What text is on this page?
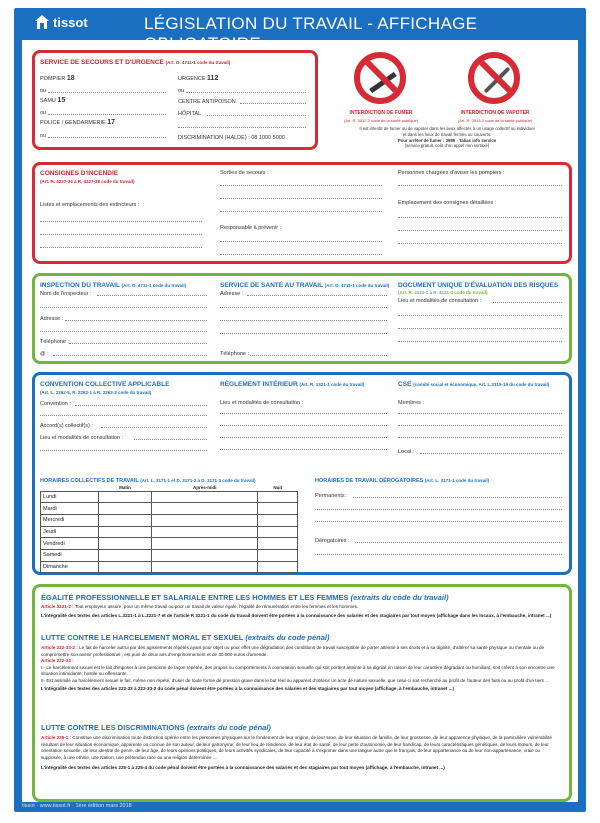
tissot	LÉGISLATION DU TRAVAIL - AFFICHAGE
SERVICE DE SECOURS ET D'URGENCE (Art. D. 4711-1 code du travail)
POMPIER 18
ou
SAMU 15
ou
POLICE / GENDARMERIE 17
ou
URGENCE 112
ou
CENTRE ANTIPOISON
HÔPITAL
DISCRIMINATION (HALDE) : 08 1000 5000
INTERDICTION DE FUMER
(Art. R. 3512-2 code de la santé publique)
INTERDICTION DE VAPOTER
(Art. R. 3513-2 code de la santé publique)
Il est interdit de fumer ou de vapoter dans les lieux affectés à un usage collectif ou individuel
et dans les lieux de travail fermés ou couverts.
Pour arrêter de fumer : 3989 - Tabac info service
(service gratuit, coût d'un appel non surtaxé)
CONSIGNES D'INCENDIE
(Art. R. 4227-34 à R. 4227-38 code du travail)
Listes et emplacements des extincteurs :
Sorties de secours :
Responsable à prévenir :
Personnes chargées d'aviser les pompiers :
Emplacement des consignes détaillées :
INSPECTION DU TRAVAIL (Art. D. 4711-1 code du travail)
Nom de l'inspecteur :
Adresse :
Téléphone :
@ :
SERVICE DE SANTÉ AU TRAVAIL (Art. D. 4711-1 code du travail)
Adresse :
Téléphone :
DOCUMENT UNIQUE D'ÉVALUATION DES RISQUES
(Art. R. 4121-1 à R. 4121-4 code du travail)
Lieu et modalités de consultation :
CONVENTION COLLECTIVE APPLICABLE
(Art. L. 2262-5, R. 2262-1 à R. 2262-3 code du travail)
Convention :
Accord(s) collectif(s) :
Lieu et modalités de consultation :
RÈGLEMENT INTÉRIEUR (Art. R. 1321-1 code du travail)
Lieu et modalités de consultation :
CSE (comité social et économique, Art. L.2315-15 du code du travail)
Membres :
Local :
HORAIRES COLLECTIFS DE TRAVAIL (Art. L. 3171-1 et D. 3171-2 à D. 3171-3 code du travail)
	Matin	Après-midi	Nuit
Lundi			
Mardi			
Mercredi			
Jeudi			
Vendredi			
Samedi			
Dimanche			
HORAIRES DE TRAVAIL DÉROGATOIRES (Art. L. 3171-1 code du travail)
Permanents :
Dérogatoires :
ÉGALITÉ PROFESSIONNELLE ET SALARIALE ENTRE LES HOMMES ET LES FEMMES (extraits du code du travail)
Article 3221-2 : Tout employeur assure, pour un même travail ou pour un travail de valeur égale, l'égalité de rémunération entre les femmes et les hommes.
L'intégralité des textes des articles L.3221-1 à L.3221-7 et de l'article R 3221-1 du code du travail doivent être portées à la connaissance des salariés et des stagiaires par tout moyen (affichage dans les locaux, à l'embauche, intranet ...)
LUTTE CONTRE LE HARCELEMENT MORAL ET SEXUEL (extraits du code pénal)
Article 222-33-2 : Le fait de harceler autrui par des agissements répétés ayant pour objet ou pour effet une dégradation des conditions de travail susceptible de porter atteinte à ses droits et à sa dignité, d'altérer sa santé physique ou mentale ou de compromettre son avenir professionnel , est puni de deux ans d'emprisonnement et de 30.000 euros d'amende.
Article 222-33 :
I - Le harcèlement sexuel est le fait d'imposer à une personne de façon répétée, des propos ou comportements à connotation sexuelle qui soit portent atteinte à sa dignité en raison de leur caractère dégradant ou humiliant, soit créent à son encontre une situation intimidante, hostile ou offensante.
II- Est assimilé au harcèlement sexuel le fait, même non répété, d'user de toute forme de pression grave dans le but réel ou apparent d'obtenir un acte de nature sexuelle, que celui-ci soit recherché au profit de l'auteur des faits ou au profit d'un tiers ...
L'intégralité des textes des articles 222-33 à 222-33-2 du code pénal doivent être portées à la connaissance des salariés et des stagiaires par tout moyen (affichage, à l'embauche, intranet ...)
LUTTE CONTRE LES DISCRIMINATIONS (extraits du code pénal)
Article 225-1 : Constitue une discrimination toute distinction opérée entre les personnes physiques sur le fondement de leur origine, de leur sexe, de leur situation de famille, de leur grossesse, de leur apparence physique, de la particulière vulnérabilité résultant de leur situation économique, apparente ou connue de son auteur, de leur patronyme, de leur lieu de résidence, de leur état de santé, de leur perte d'autonomie, de leur handicap, de leurs caractéristiques génétiques, de leurs mœurs, de leur orientation sexuelle, de leur identité de genre, de leur âge, de leurs opinions politiques, de leurs activités syndicales, de leur capacité à s'exprimer dans une langue autre que le français, de leur appartenance ou de leur non-appartenance, vraie ou supposée, à une ethnie, une Nation, une prétendue race ou une religion déterminée ...
L'intégralité des textes des articles 225-1 à 225-4 du code pénal doivent être portées à la connaissance des salariés et des stagiaires par tout moyen (affichage, à l'embauche, intranet ...)
tissot · www.tissot.fr · 1ère édition mars 2018
